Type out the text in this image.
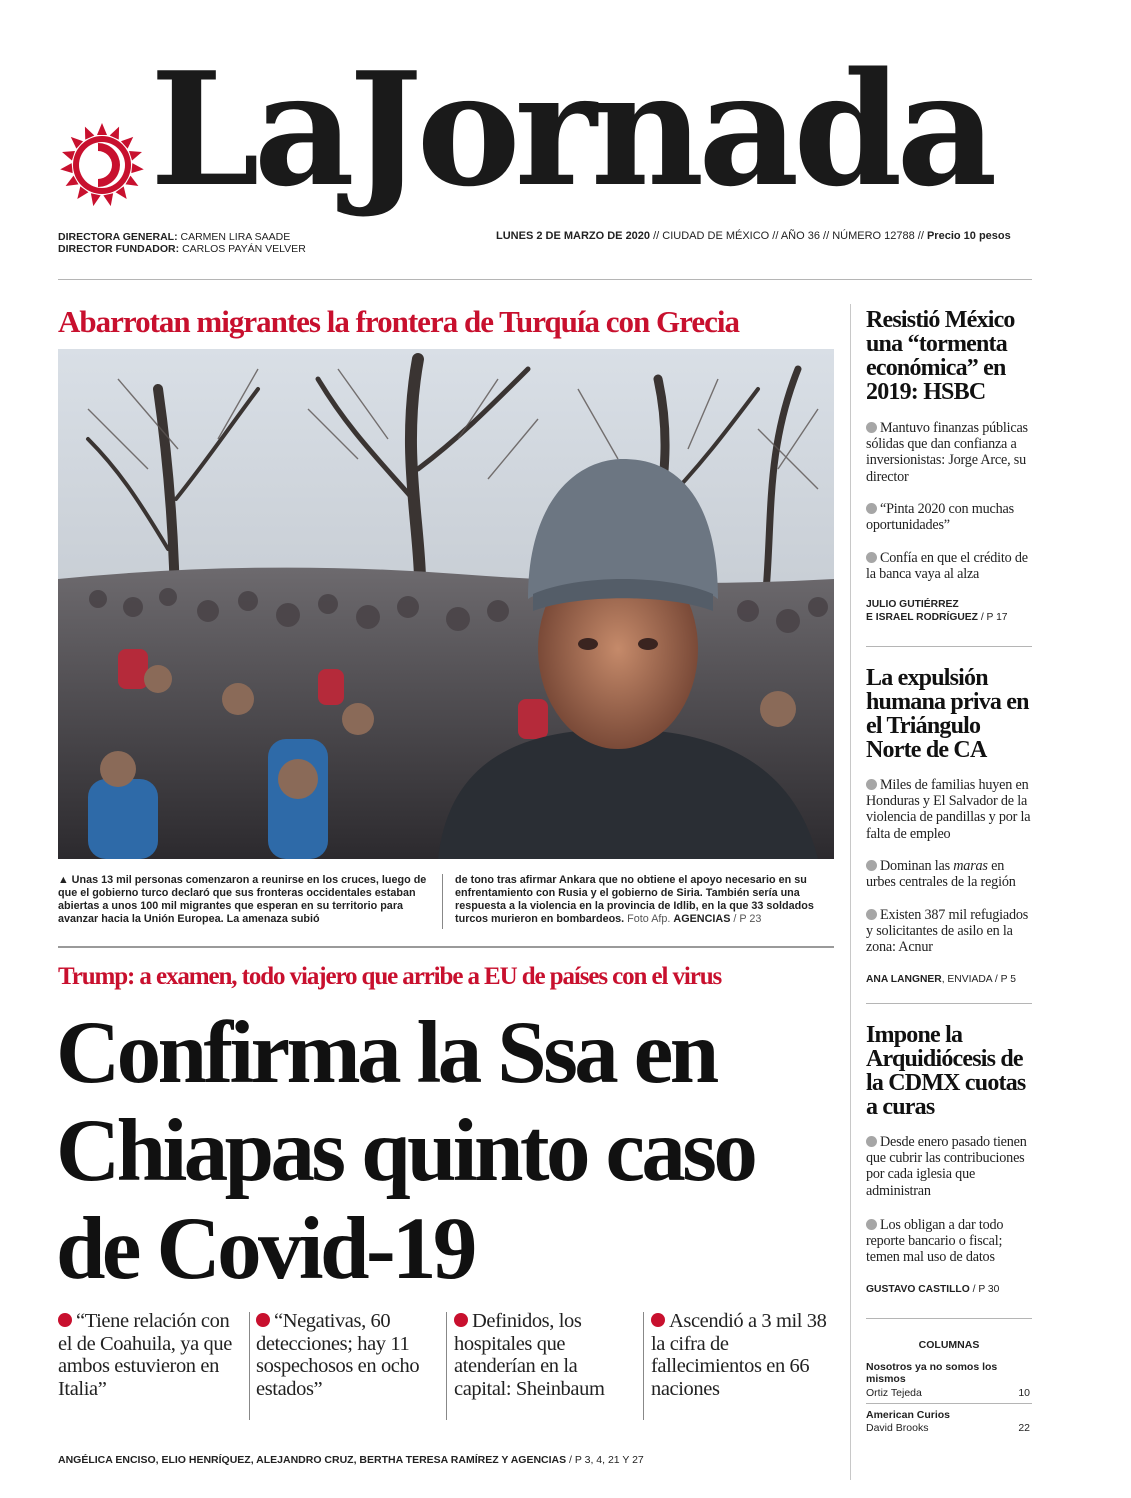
LaJornada
DIRECTORA GENERAL: CARMEN LIRA SAADE
DIRECTOR FUNDADOR: CARLOS PAYÁN VELVER
LUNES 2 DE MARZO DE 2020 // CIUDAD DE MÉXICO // AÑO 36 // NÚMERO 12788 // Precio 10 pesos
Abarrotan migrantes la frontera de Turquía con Grecia
▲ Unas 13 mil personas comenzaron a reunirse en los cruces, luego de que el gobierno turco declaró que sus fronteras occidentales estaban abiertas a unos 100 mil migrantes que esperan en su territorio para avanzar hacia la Unión Europea. La amenaza subió
de tono tras afirmar Ankara que no obtiene el apoyo necesario en su enfrentamiento con Rusia y el gobierno de Siria. También sería una respuesta a la violencia en la provincia de Idlib, en la que 33 soldados turcos murieron en bombardeos. Foto Afp. AGENCIAS / P 23
Trump: a examen, todo viajero que arribe a EU de países con el virus
Confirma la Ssa en Chiapas quinto caso de Covid-19
“Tiene relación con el de Coahuila, ya que ambos estuvieron en Italia”
“Negativas, 60 detecciones; hay 11 sospechosos en ocho estados”
Definidos, los hospitales que atenderían en la capital: Sheinbaum
Ascendió a 3 mil 38 la cifra de fallecimientos en 66 naciones
ANGÉLICA ENCISO, ELIO HENRÍQUEZ, ALEJANDRO CRUZ, BERTHA TERESA RAMÍREZ Y AGENCIAS / P 3, 4, 21 Y 27
Resistió México una “tormenta económica” en 2019: HSBC
Mantuvo finanzas públicas sólidas que dan confianza a inversionistas: Jorge Arce, su director
“Pinta 2020 con muchas oportunidades”
Confía en que el crédito de la banca vaya al alza
JULIO GUTIÉRREZ
E ISRAEL RODRÍGUEZ / P 17
La expulsión humana priva en el Triángulo Norte de CA
Miles de familias huyen en Honduras y El Salvador de la violencia de pandillas y por la falta de empleo
Dominan las maras en urbes centrales de la región
Existen 387 mil refugiados y solicitantes de asilo en la zona: Acnur
ANA LANGNER, ENVIADA / P 5
Impone la Arquidiócesis de la CDMX cuotas a curas
Desde enero pasado tienen que cubrir las contribuciones por cada iglesia que administran
Los obligan a dar todo reporte bancario o fiscal; temen mal uso de datos
GUSTAVO CASTILLO / P 30
COLUMNAS
Nosotros ya no somos los mismos
Ortiz Tejeda	10
American Curios
David Brooks	22
